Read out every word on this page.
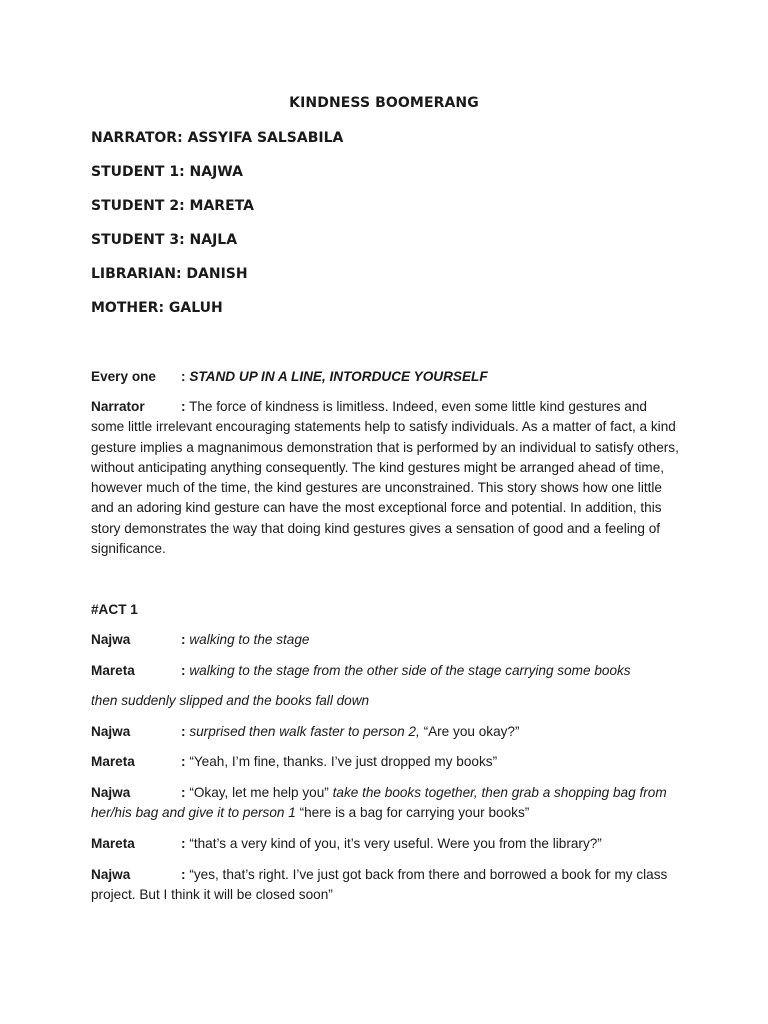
KINDNESS BOOMERANG
NARRATOR: ASSYIFA SALSABILA
STUDENT 1: NAJWA
STUDENT 2: MARETA
STUDENT 3: NAJLA
LIBRARIAN: DANISH
MOTHER: GALUH
Every one : STAND UP IN A LINE, INTORDUCE YOURSELF
Narrator	: The force of kindness is limitless. Indeed, even some little kind gestures and some little irrelevant encouraging statements help to satisfy individuals. As a matter of fact, a kind gesture implies a magnanimous demonstration that is performed by an individual to satisfy others, without anticipating anything consequently. The kind gestures might be arranged ahead of time, however much of the time, the kind gestures are unconstrained. This story shows how one little and an adoring kind gesture can have the most exceptional force and potential. In addition, this story demonstrates the way that doing kind gestures gives a sensation of good and a feeling of significance.
#ACT 1
Najwa	: walking to the stage
Mareta	: walking to the stage from the other side of the stage carrying some books
then suddenly slipped and the books fall down
Najwa	: surprised then walk faster to person 2, “Are you okay?”
Mareta	: “Yeah, I’m fine, thanks. I’ve just dropped my books”
Najwa	: “Okay, let me help you” take the books together, then grab a shopping bag from her/his bag and give it to person 1 “here is a bag for carrying your books”
Mareta	: “that’s a very kind of you, it’s very useful. Were you from the library?”
Najwa	: “yes, that’s right. I’ve just got back from there and borrowed a book for my class project. But I think it will be closed soon”
